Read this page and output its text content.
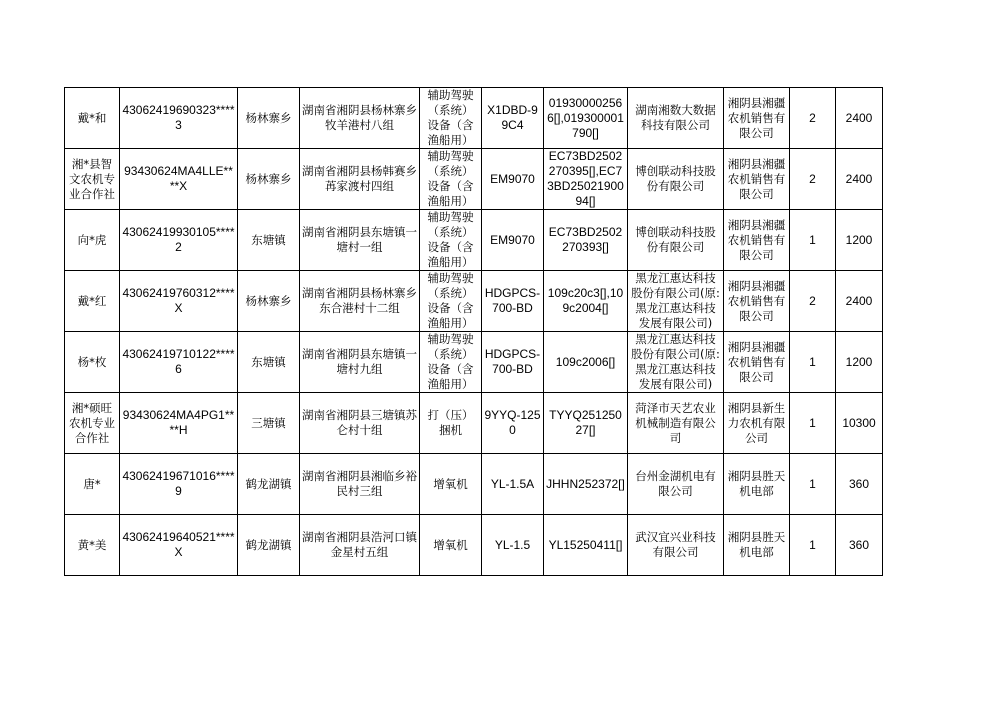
戴*和	43062419690323****3	杨林寨乡	湖南省湘阴县杨林寨乡牧羊港村八组	辅助驾驶（系统）设备（含渔船用）	X1DBD-99C4	019300002566[],019300001790[]	湖南湘数大数据科技有限公司	湘阴县湘疆农机销售有限公司	2	2400
湘*县智文农机专业合作社	93430624MA4LLE****X	杨林寨乡	湖南省湘阴县杨韩赛乡苒家渡村四组	辅助驾驶（系统）设备（含渔船用）	EM9070	EC73BD2502270395[],EC73BD2502190094[]	博创联动科技股份有限公司	湘阴县湘疆农机销售有限公司	2	2400
向*虎	43062419930105****2	东塘镇	湖南省湘阴县东塘镇一塘村一组	辅助驾驶（系统）设备（含渔船用）	EM9070	EC73BD2502270393[]	博创联动科技股份有限公司	湘阴县湘疆农机销售有限公司	1	1200
戴*红	43062419760312****X	杨林寨乡	湖南省湘阴县杨林寨乡东合港村十二组	辅助驾驶（系统）设备（含渔船用）	HDGPCS-700-BD	109c20c3[],109c2004[]	黑龙江惠达科技股份有限公司(原:黑龙江惠达科技发展有限公司)	湘阴县湘疆农机销售有限公司	2	2400
杨*枚	43062419710122****6	东塘镇	湖南省湘阴县东塘镇一塘村九组	辅助驾驶（系统）设备（含渔船用）	HDGPCS-700-BD	109c2006[]	黑龙江惠达科技股份有限公司(原:黑龙江惠达科技发展有限公司)	湘阴县湘疆农机销售有限公司	1	1200
湘*硕旺农机专业合作社	93430624MA4PG1****H	三塘镇	湖南省湘阴县三塘镇苏仑村十组	打（压）捆机	9YYQ-1250	TYYQ25125027[]	菏泽市天艺农业机械制造有限公司	湘阴县新生力农机有限公司	1	10300
唐*	43062419671016****9	鹤龙湖镇	湖南省湘阴县湘临乡裕民村三组	增氧机	YL-1.5A	JHHN252372[]	台州金湖机电有限公司	湘阴县胜天机电部	1	360
黄*美	43062419640521****X	鹤龙湖镇	湖南省湘阴县浩河口镇金星村五组	增氧机	YL-1.5	YL15250411[]	武汉宜兴业科技有限公司	湘阴县胜天机电部	1	360
